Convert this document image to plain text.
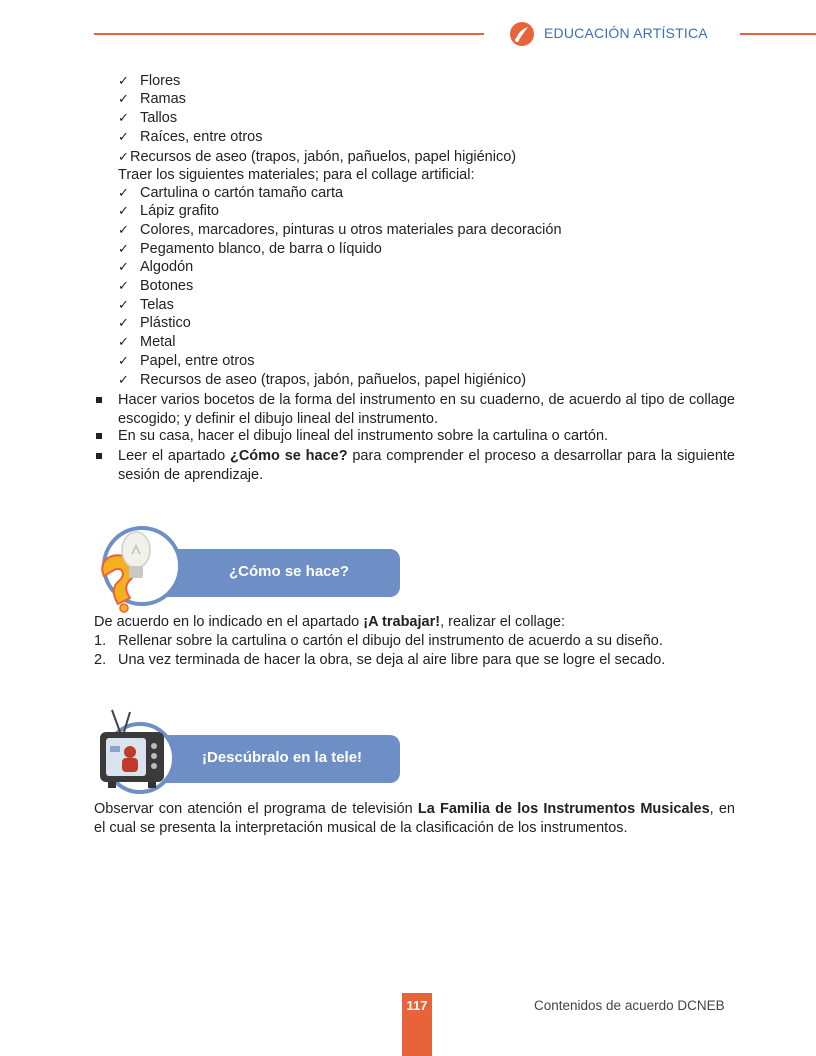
EDUCACIÓN ARTÍSTICA
✓ Flores
✓ Ramas
✓ Tallos
✓ Raíces, entre otros
✓ Recursos de aseo (trapos, jabón, pañuelos, papel higiénico)
Traer los siguientes materiales; para el collage artificial:
✓ Cartulina o cartón tamaño carta
✓ Lápiz grafito
✓ Colores, marcadores, pinturas u otros materiales para decoración
✓ Pegamento blanco, de barra o líquido
✓ Algodón
✓ Botones
✓ Telas
✓ Plástico
✓ Metal
✓ Papel, entre otros
✓ Recursos de aseo (trapos, jabón, pañuelos, papel higiénico)
Hacer varios bocetos de la forma del instrumento en su cuaderno, de acuerdo al tipo de collage escogido; y definir el dibujo lineal del instrumento.
En su casa, hacer el dibujo lineal del instrumento sobre la cartulina o cartón.
Leer el apartado ¿Cómo se hace? para comprender el proceso a desarrollar para la siguiente sesión de aprendizaje.
¿Cómo se hace?
De acuerdo en lo indicado en el apartado ¡A trabajar!, realizar el collage:
1. Rellenar sobre la cartulina o cartón el dibujo del instrumento de acuerdo a su diseño.
2. Una vez terminada de hacer la obra, se deja al aire libre para que se logre el secado.
¡Descúbralo en la tele!
Observar con atención el programa de televisión La Familia de los Instrumentos Musicales, en el cual se presenta la interpretación musical de la clasificación de los instrumentos.
117	Contenidos de acuerdo DCNEB
